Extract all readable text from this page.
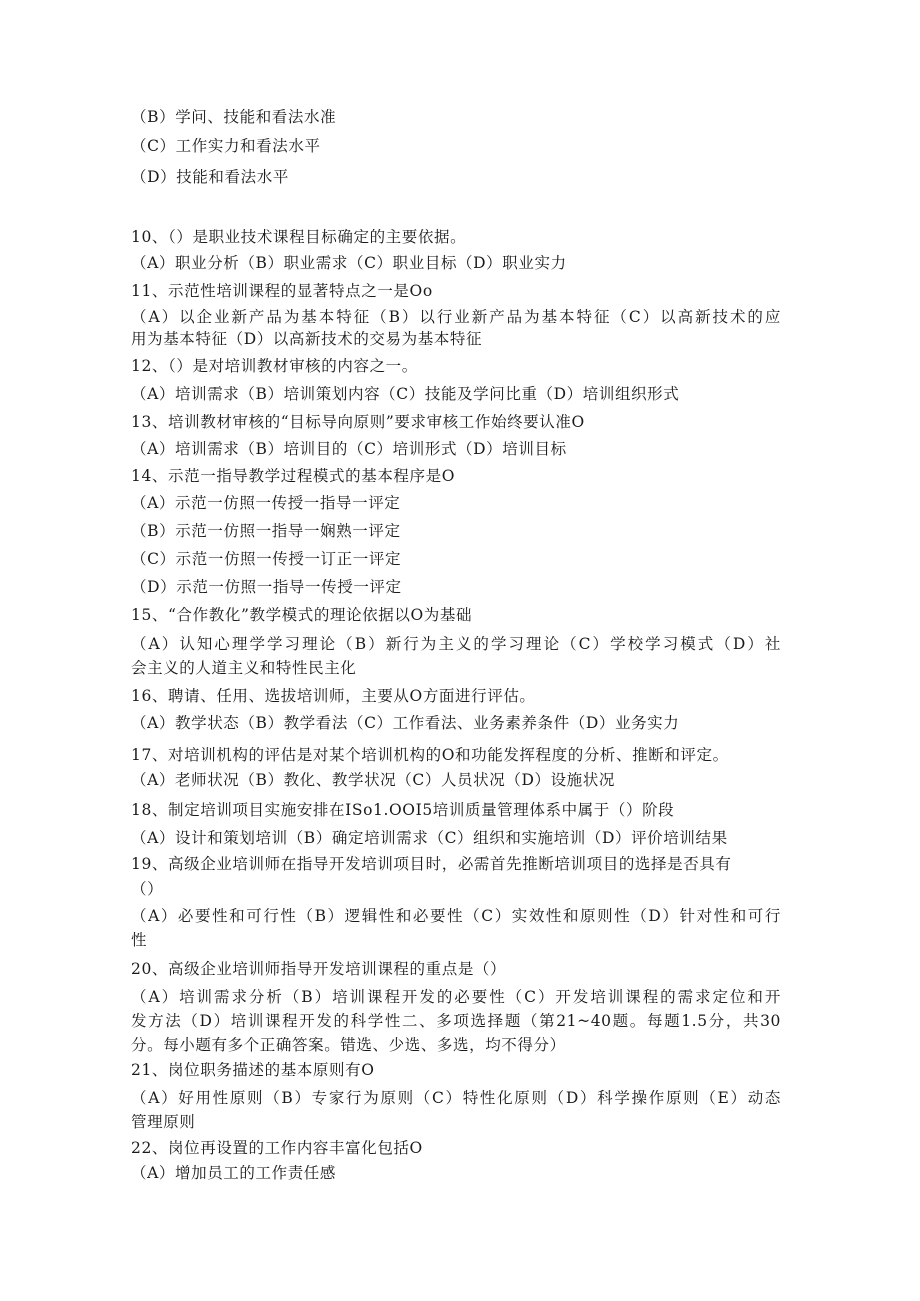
（B）学问、技能和看法水准
（C）工作实力和看法水平
（D）技能和看法水平
10、（）是职业技术课程目标确定的主要依据。
（A）职业分析（B）职业需求（C）职业目标（D）职业实力
11、示范性培训课程的显著特点之一是Oo
（A）以企业新产品为基本特征（B）以行业新产品为基本特征（C）以高新技术的应
用为基本特征（D）以高新技术的交易为基本特征
12、（）是对培训教材审核的内容之一。
（A）培训需求（B）培训策划内容（C）技能及学问比重（D）培训组织形式
13、培训教材审核的“目标导向原则”要求审核工作始终要认准O
（A）培训需求（B）培训目的（C）培训形式（D）培训目标
14、示范一指导教学过程模式的基本程序是O
（A）示范一仿照一传授一指导一评定
（B）示范一仿照一指导一娴熟一评定
（C）示范一仿照一传授一订正一评定
（D）示范一仿照一指导一传授一评定
15、“合作教化”教学模式的理论依据以O为基础
（A）认知心理学学习理论（B）新行为主义的学习理论（C）学校学习模式（D）社
会主义的人道主义和特性民主化
16、聘请、任用、选拔培训师，主要从O方面进行评估。
（A）教学状态（B）教学看法（C）工作看法、业务素养条件（D）业务实力
17、对培训机构的评估是对某个培训机构的O和功能发挥程度的分析、推断和评定。
（A）老师状况（B）教化、教学状况（C）人员状况（D）设施状况
18、制定培训项目实施安排在ISo1.OOI5培训质量管理体系中属于（）阶段
（A）设计和策划培训（B）确定培训需求（C）组织和实施培训（D）评价培训结果
19、高级企业培训师在指导开发培训项目时，必需首先推断培训项目的选择是否具有
（）
（A）必要性和可行性（B）逻辑性和必要性（C）实效性和原则性（D）针对性和可行
性
20、高级企业培训师指导开发培训课程的重点是（）
（A）培训需求分析（B）培训课程开发的必要性（C）开发培训课程的需求定位和开
发方法（D）培训课程开发的科学性二、多项选择题（第21~40题。每题1.5分，共30
分。每小题有多个正确答案。错选、少选、多选，均不得分）
21、岗位职务描述的基本原则有O
（A）好用性原则（B）专家行为原则（C）特性化原则（D）科学操作原则（E）动态
管理原则
22、岗位再设置的工作内容丰富化包括O
（A）增加员工的工作责任感
